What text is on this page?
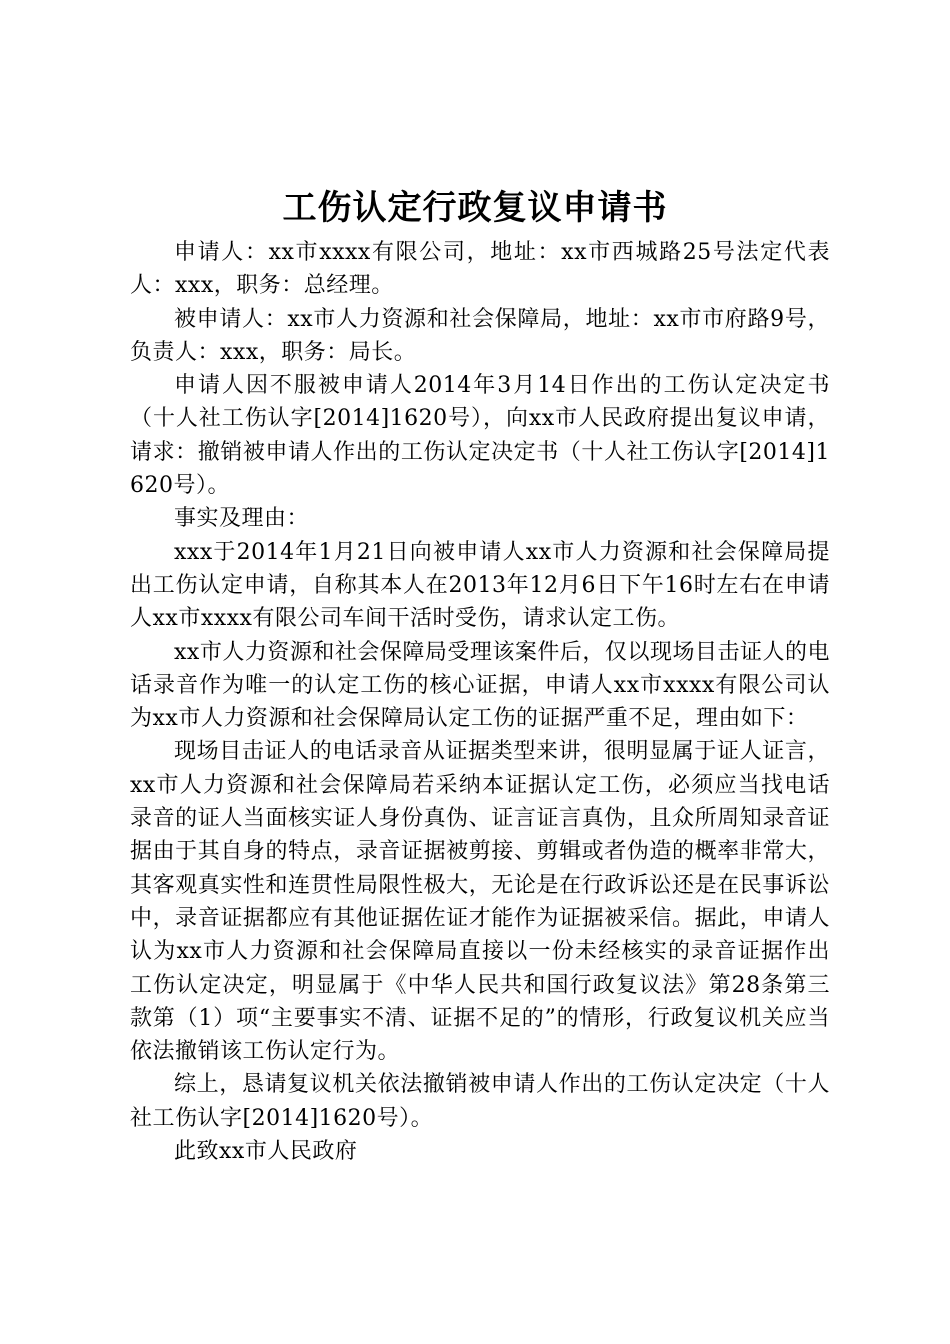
工伤认定行政复议申请书

申请人：xx市xxxx有限公司，地址：xx市西城路25号法定代表人：xxx，职务：总经理。

被申请人：xx市人力资源和社会保障局，地址：xx市市府路9号，负责人：xxx，职务：局长。

申请人因不服被申请人2014年3月14日作出的工伤认定决定书（十人社工伤认字[2014]1620号），向xx市人民政府提出复议申请，请求：撤销被申请人作出的工伤认定决定书（十人社工伤认字[2014]1620号）。

事实及理由：

xxx于2014年1月21日向被申请人xx市人力资源和社会保障局提出工伤认定申请，自称其本人在2013年12月6日下午16时左右在申请人xx市xxxx有限公司车间干活时受伤，请求认定工伤。

xx市人力资源和社会保障局受理该案件后，仅以现场目击证人的电话录音作为唯一的认定工伤的核心证据，申请人xx市xxxx有限公司认为xx市人力资源和社会保障局认定工伤的证据严重不足，理由如下：

现场目击证人的电话录音从证据类型来讲，很明显属于证人证言，xx市人力资源和社会保障局若采纳本证据认定工伤，必须应当找电话录音的证人当面核实证人身份真伪、证言证言真伪，且众所周知录音证据由于其自身的特点，录音证据被剪接、剪辑或者伪造的概率非常大，其客观真实性和连贯性局限性极大，无论是在行政诉讼还是在民事诉讼中，录音证据都应有其他证据佐证才能作为证据被采信。据此，申请人认为xx市人力资源和社会保障局直接以一份未经核实的录音证据作出工伤认定决定，明显属于《中华人民共和国行政复议法》第28条第三款第（1）项“主要事实不清、证据不足的”的情形，行政复议机关应当依法撤销该工伤认定行为。

综上，恳请复议机关依法撤销被申请人作出的工伤认定决定（十人社工伤认字[2014]1620号）。

此致xx市人民政府
